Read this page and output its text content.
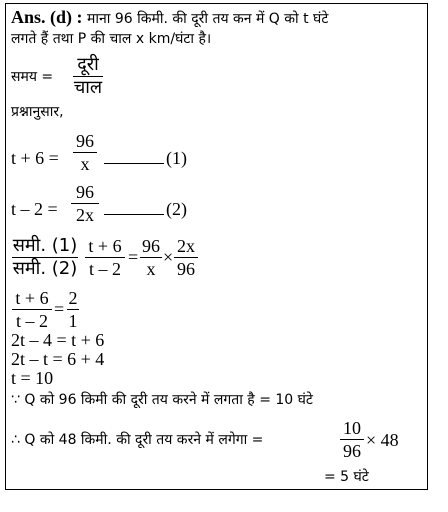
Ans. (d) : माना 96 किमी. की दूरी तय कन में Q को t घंटे
लगते हैं तथा P की चाल x km/घंटा है।
समय =
दूरी
चाल
प्रश्नानुसार,
t + 6 =
96
x	(1)
t – 2 =
96
2x	(2)
समी. (1)
समी. (2)
t + 6
t – 2
=
96
x
×
2x
96
t + 6
t – 2
=
2
1
2t – 4 = t + 6
2t – t = 6 + 4
t = 10
∵ Q को 96 किमी की दूरी तय करने में लगता है = 10 घंटे
∴ Q को 48 किमी. की दूरी तय करने में लगेगा =
10
96
× 48
= 5 घंटे
